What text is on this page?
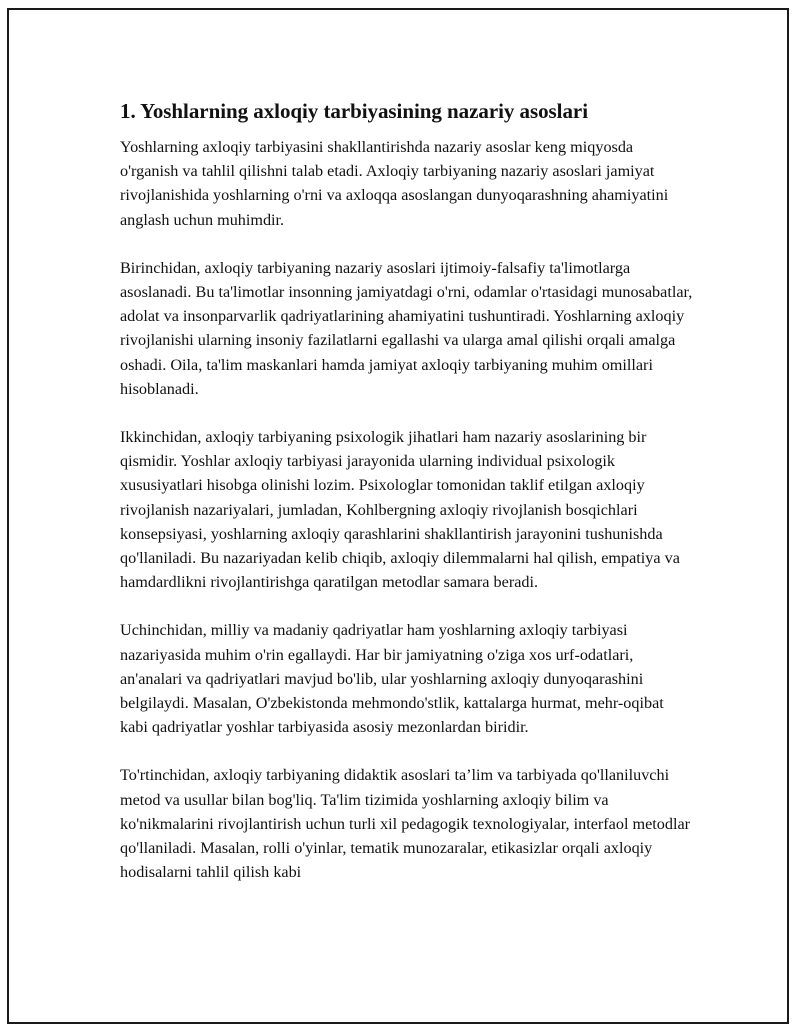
1. Yoshlarning axloqiy tarbiyasining nazariy asoslari

Yoshlarning axloqiy tarbiyasini shakllantirishda nazariy asoslar keng miqyosda o'rganish va tahlil qilishni talab etadi. Axloqiy tarbiyaning nazariy asoslari jamiyat rivojlanishida yoshlarning o'rni va axloqqa asoslangan dunyoqarashning ahamiyatini anglash uchun muhimdir.

Birinchidan, axloqiy tarbiyaning nazariy asoslari ijtimoiy-falsafiy ta'limotlarga asoslanadi. Bu ta'limotlar insonning jamiyatdagi o'rni, odamlar o'rtasidagi munosabatlar, adolat va insonparvarlik qadriyatlarining ahamiyatini tushuntiradi. Yoshlarning axloqiy rivojlanishi ularning insoniy fazilatlarni egallashi va ularga amal qilishi orqali amalga oshadi. Oila, ta'lim maskanlari hamda jamiyat axloqiy tarbiyaning muhim omillari hisoblanadi.

Ikkinchidan, axloqiy tarbiyaning psixologik jihatlari ham nazariy asoslarining bir qismidir. Yoshlar axloqiy tarbiyasi jarayonida ularning individual psixologik xususiyatlari hisobga olinishi lozim. Psixologlar tomonidan taklif etilgan axloqiy rivojlanish nazariyalari, jumladan, Kohlbergning axloqiy rivojlanish bosqichlari konsepsiyasi, yoshlarning axloqiy qarashlarini shakllantirish jarayonini tushunishda qo'llaniladi. Bu nazariyadan kelib chiqib, axloqiy dilemmalarni hal qilish, empatiya va hamdardlikni rivojlantirishga qaratilgan metodlar samara beradi.

Uchinchidan, milliy va madaniy qadriyatlar ham yoshlarning axloqiy tarbiyasi nazariyasida muhim o'rin egallaydi. Har bir jamiyatning o'ziga xos urf-odatlari, an'analari va qadriyatlari mavjud bo'lib, ular yoshlarning axloqiy dunyoqarashini belgilaydi. Masalan, O'zbekistonda mehmondo'stlik, kattalarga hurmat, mehr-oqibat kabi qadriyatlar yoshlar tarbiyasida asosiy mezonlardan biridir.

To'rtinchidan, axloqiy tarbiyaning didaktik asoslari ta’lim va tarbiyada qo'llaniluvchi metod va usullar bilan bog'liq. Ta'lim tizimida yoshlarning axloqiy bilim va ko'nikmalarini rivojlantirish uchun turli xil pedagogik texnologiyalar, interfaol metodlar qo'llaniladi. Masalan, rolli o'yinlar, tematik munozaralar, etikasizlar orqali axloqiy hodisalarni tahlil qilish kabi
